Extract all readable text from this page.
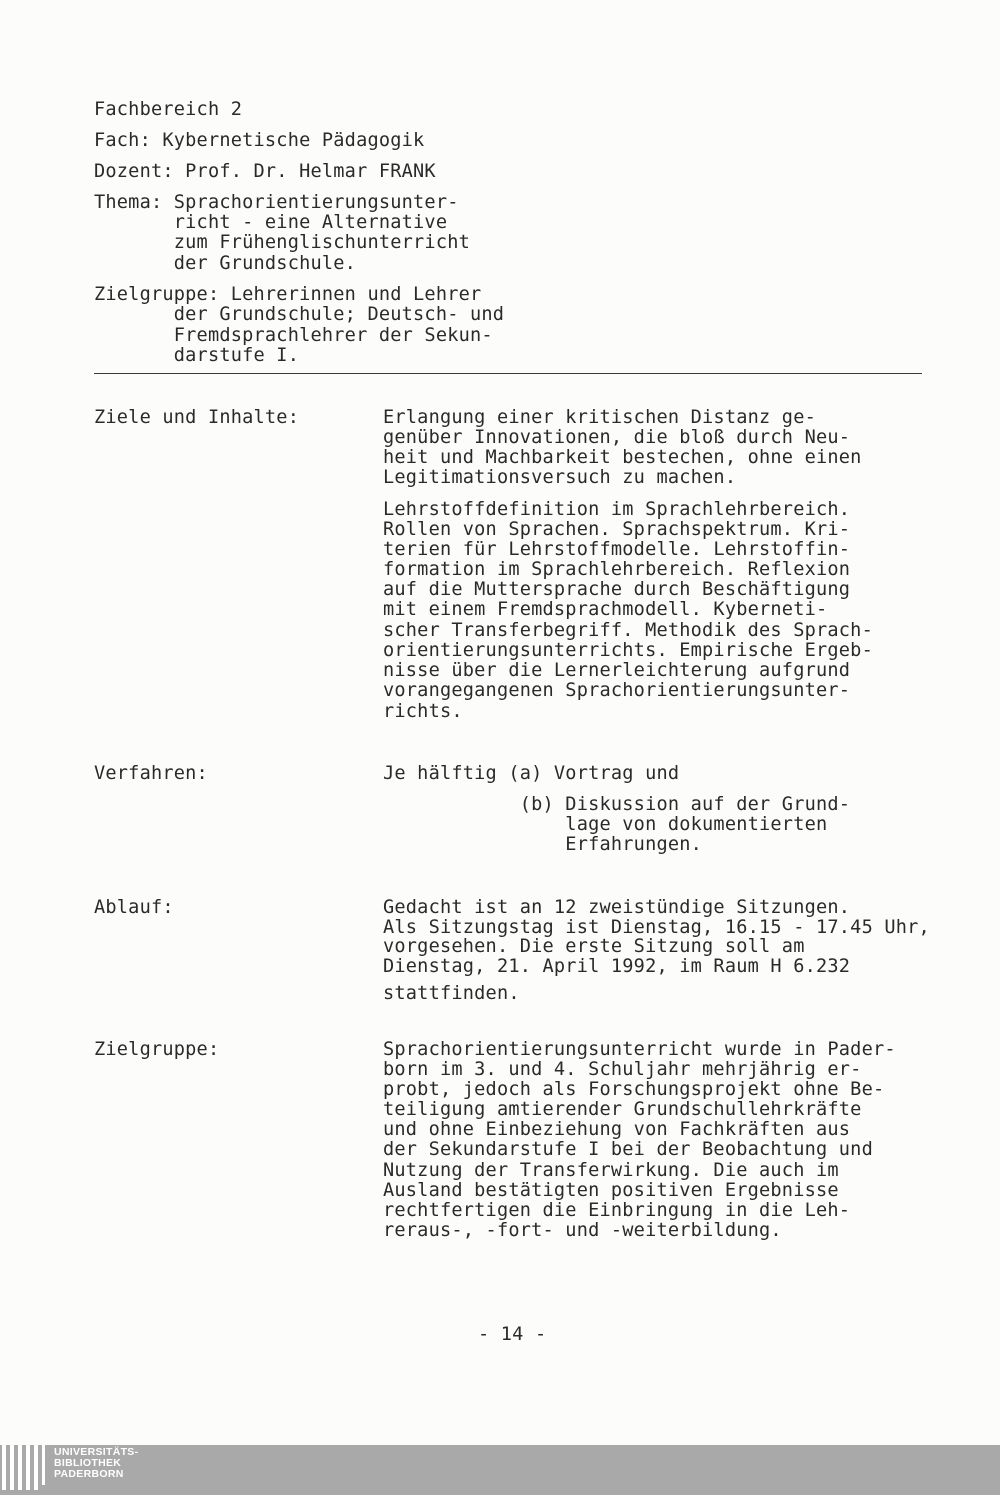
Fachbereich 2
Fach: Kybernetische Pädagogik
Dozent: Prof. Dr. Helmar FRANK
Thema: Sprachorientierungsunter-
richt - eine Alternative
zum Frühenglischunterricht
der Grundschule.
Zielgruppe: Lehrerinnen und Lehrer
der Grundschule; Deutsch- und
Fremdsprachlehrer der Sekun-
darstufe I.
Ziele und Inhalte:	Erlangung einer kritischen Distanz ge-
genüber Innovationen, die bloß durch Neu-
heit und Machbarkeit bestechen, ohne einen
Legitimationsversuch zu machen.
Lehrstoffdefinition im Sprachlehrbereich.
Rollen von Sprachen. Sprachspektrum. Kri-
terien für Lehrstoffmodelle. Lehrstoffin-
formation im Sprachlehrbereich. Reflexion
auf die Muttersprache durch Beschäftigung
mit einem Fremdsprachmodell. Kyberneti-
scher Transferbegriff. Methodik des Sprach-
orientierungsunterrichts. Empirische Ergeb-
nisse über die Lernerleichterung aufgrund
vorangegangenen Sprachorientierungsunter-
richts.
Verfahren:	Je hälftig (a) Vortrag und
(b) Diskussion auf der Grund-
lage von dokumentierten
Erfahrungen.
Ablauf:	Gedacht ist an 12 zweistündige Sitzungen.
Als Sitzungstag ist Dienstag, 16.15 - 17.45 Uhr,
vorgesehen. Die erste Sitzung soll am
Dienstag, 21. April 1992, im Raum H 6.232
stattfinden.
Zielgruppe:	Sprachorientierungsunterricht wurde in Pader-
born im 3. und 4. Schuljahr mehrjährig er-
probt, jedoch als Forschungsprojekt ohne Be-
teiligung amtierender Grundschullehrkräfte
und ohne Einbeziehung von Fachkräften aus
der Sekundarstufe I bei der Beobachtung und
Nutzung der Transferwirkung. Die auch im
Ausland bestätigten positiven Ergebnisse
rechtfertigen die Einbringung in die Leh-
reraus-, -fort- und -weiterbildung.
- 14 -
UNIVERSITÄTS-
BIBLIOTHEK
PADERBORN
